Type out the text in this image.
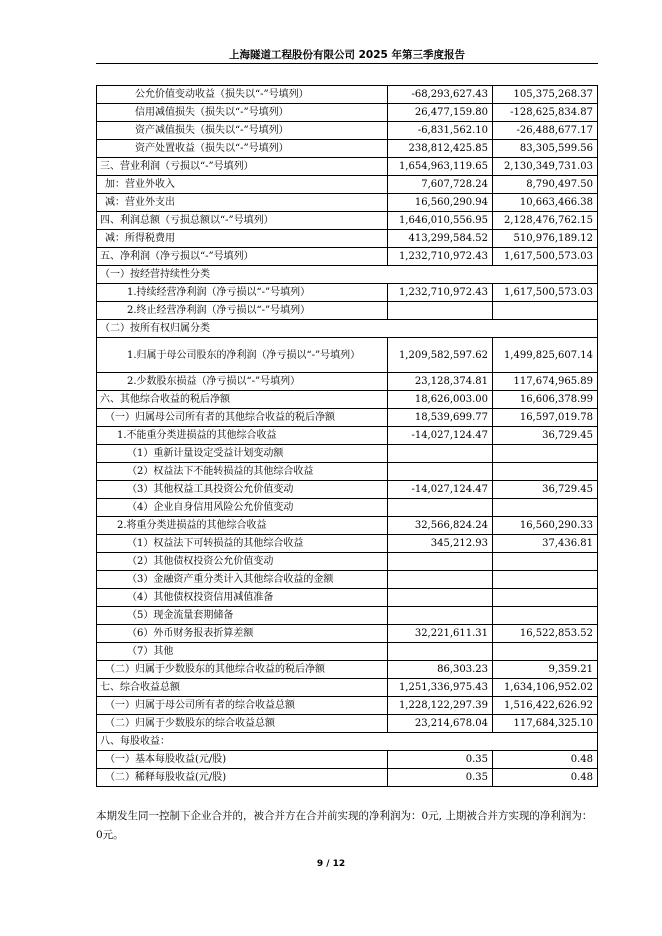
上海隧道工程股份有限公司 2025 年第三季度报告
公允价值变动收益（损失以“-”号填列）	-68,293,627.43	105,375,268.37
信用减值损失（损失以“-”号填列）	26,477,159.80	-128,625,834.87
资产减值损失（损失以“-”号填列）	-6,831,562.10	-26,488,677.17
资产处置收益（损失以“-”号填列）	238,812,425.85	83,305,599.56
三、营业利润（亏损以“-”号填列）	1,654,963,119.65	2,130,349,731.03
加：营业外收入	7,607,728.24	8,790,497.50
减：营业外支出	16,560,290.94	10,663,466.38
四、利润总额（亏损总额以“-”号填列）	1,646,010,556.95	2,128,476,762.15
减：所得税费用	413,299,584.52	510,976,189.12
五、净利润（净亏损以“-”号填列）	1,232,710,972.43	1,617,500,573.03
（一）按经营持续性分类		
1.持续经营净利润（净亏损以“-”号填列）	1,232,710,972.43	1,617,500,573.03
2.终止经营净利润（净亏损以“-”号填列）		
（二）按所有权归属分类		
1.归属于母公司股东的净利润（净亏损以“-”号填列）	1,209,582,597.62	1,499,825,607.14
2.少数股东损益（净亏损以“-”号填列）	23,128,374.81	117,674,965.89
六、其他综合收益的税后净额	18,626,003.00	16,606,378.99
（一）归属母公司所有者的其他综合收益的税后净额	18,539,699.77	16,597,019.78
1.不能重分类进损益的其他综合收益	-14,027,124.47	36,729.45
（1）重新计量设定受益计划变动额		
（2）权益法下不能转损益的其他综合收益		
（3）其他权益工具投资公允价值变动	-14,027,124.47	36,729.45
（4）企业自身信用风险公允价值变动		
2.将重分类进损益的其他综合收益	32,566,824.24	16,560,290.33
（1）权益法下可转损益的其他综合收益	345,212.93	37,436.81
（2）其他债权投资公允价值变动		
（3）金融资产重分类计入其他综合收益的金额		
（4）其他债权投资信用减值准备		
（5）现金流量套期储备		
（6）外币财务报表折算差额	32,221,611.31	16,522,853.52
（7）其他		
（二）归属于少数股东的其他综合收益的税后净额	86,303.23	9,359.21
七、综合收益总额	1,251,336,975.43	1,634,106,952.02
（一）归属于母公司所有者的综合收益总额	1,228,122,297.39	1,516,422,626.92
（二）归属于少数股东的综合收益总额	23,214,678.04	117,684,325.10
八、每股收益：		
（一）基本每股收益(元/股)	0.35	0.48
（二）稀释每股收益(元/股)	0.35	0.48
本期发生同一控制下企业合并的，被合并方在合并前实现的净利润为：0元, 上期被合并方实现的净利润为：0元。
9 / 12
